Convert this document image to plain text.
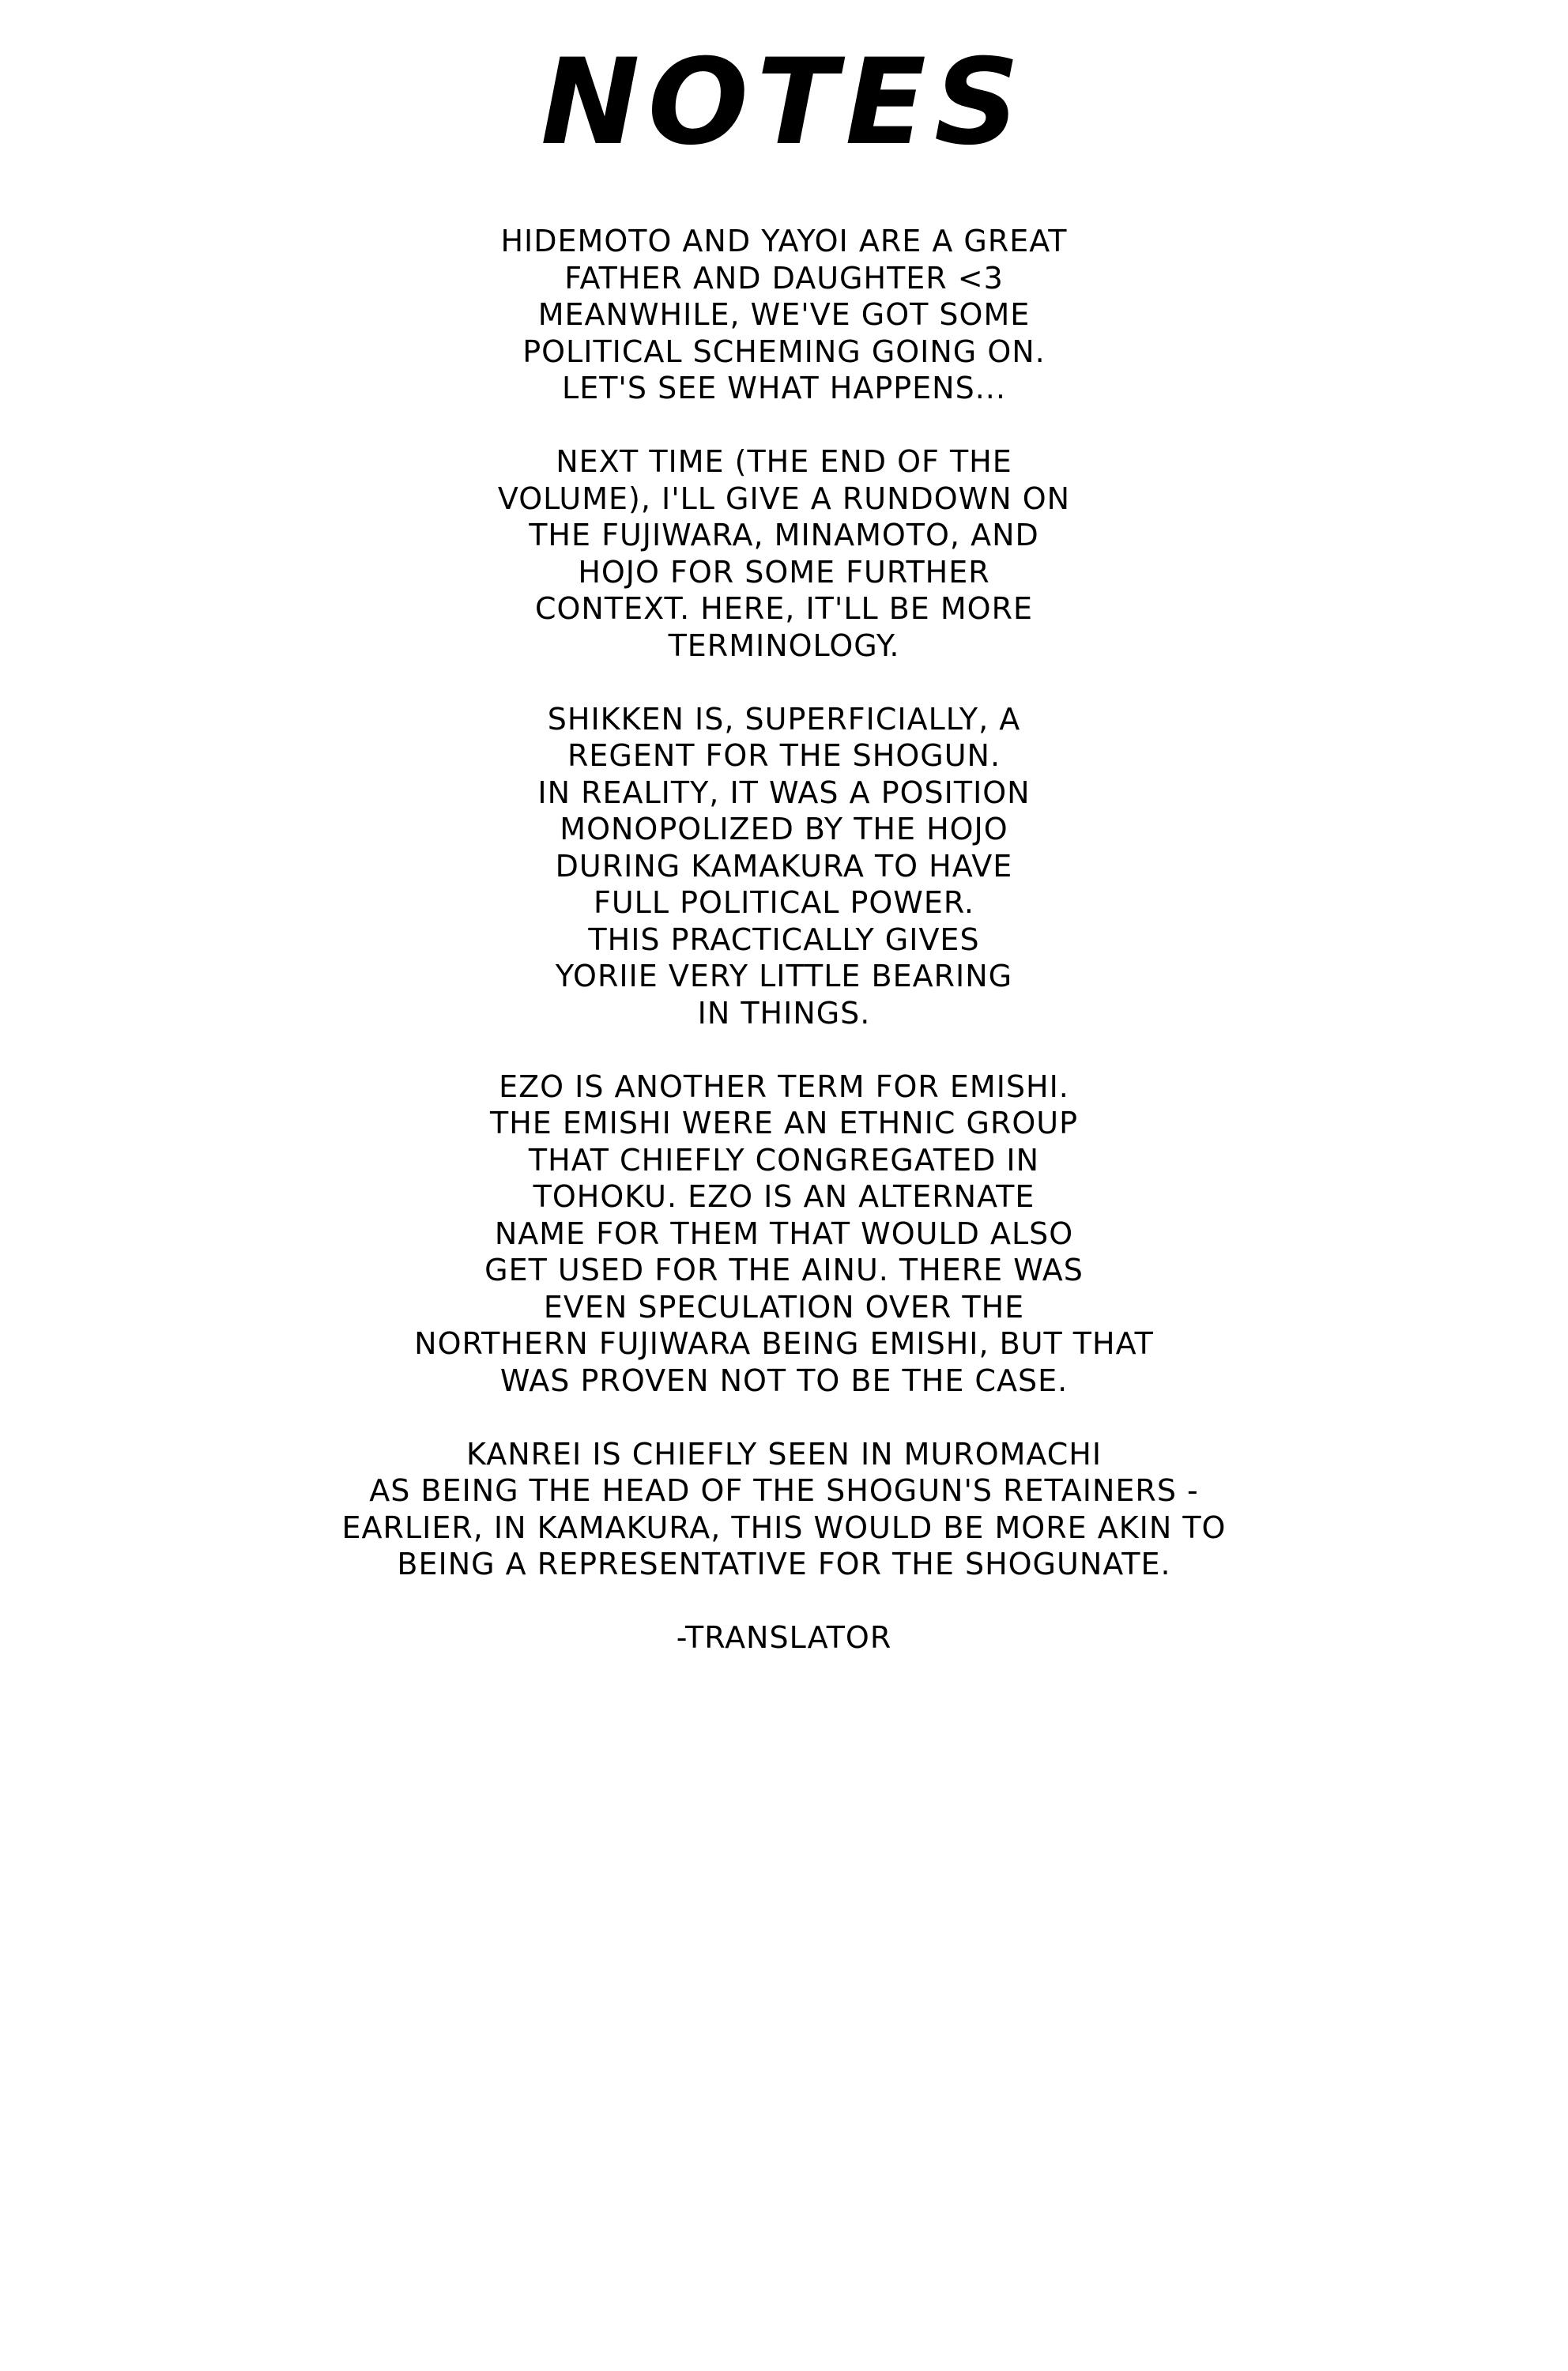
NOTES
HIDEMOTO AND YAYOI ARE A GREAT
FATHER AND DAUGHTER <3
MEANWHILE, WE'VE GOT SOME
POLITICAL SCHEMING GOING ON.
LET'S SEE WHAT HAPPENS...
NEXT TIME (THE END OF THE
VOLUME), I'LL GIVE A RUNDOWN ON
THE FUJIWARA, MINAMOTO, AND
HOJO FOR SOME FURTHER
CONTEXT. HERE, IT'LL BE MORE
TERMINOLOGY.
SHIKKEN IS, SUPERFICIALLY, A
REGENT FOR THE SHOGUN.
IN REALITY, IT WAS A POSITION
MONOPOLIZED BY THE HOJO
DURING KAMAKURA TO HAVE
FULL POLITICAL POWER.
THIS PRACTICALLY GIVES
YORIIE VERY LITTLE BEARING
IN THINGS.
EZO IS ANOTHER TERM FOR EMISHI.
THE EMISHI WERE AN ETHNIC GROUP
THAT CHIEFLY CONGREGATED IN
TOHOKU. EZO IS AN ALTERNATE
NAME FOR THEM THAT WOULD ALSO
GET USED FOR THE AINU. THERE WAS
EVEN SPECULATION OVER THE
NORTHERN FUJIWARA BEING EMISHI, BUT THAT
WAS PROVEN NOT TO BE THE CASE.
KANREI IS CHIEFLY SEEN IN MUROMACHI
AS BEING THE HEAD OF THE SHOGUN'S RETAINERS -
EARLIER, IN KAMAKURA, THIS WOULD BE MORE AKIN TO
BEING A REPRESENTATIVE FOR THE SHOGUNATE.
-TRANSLATOR
